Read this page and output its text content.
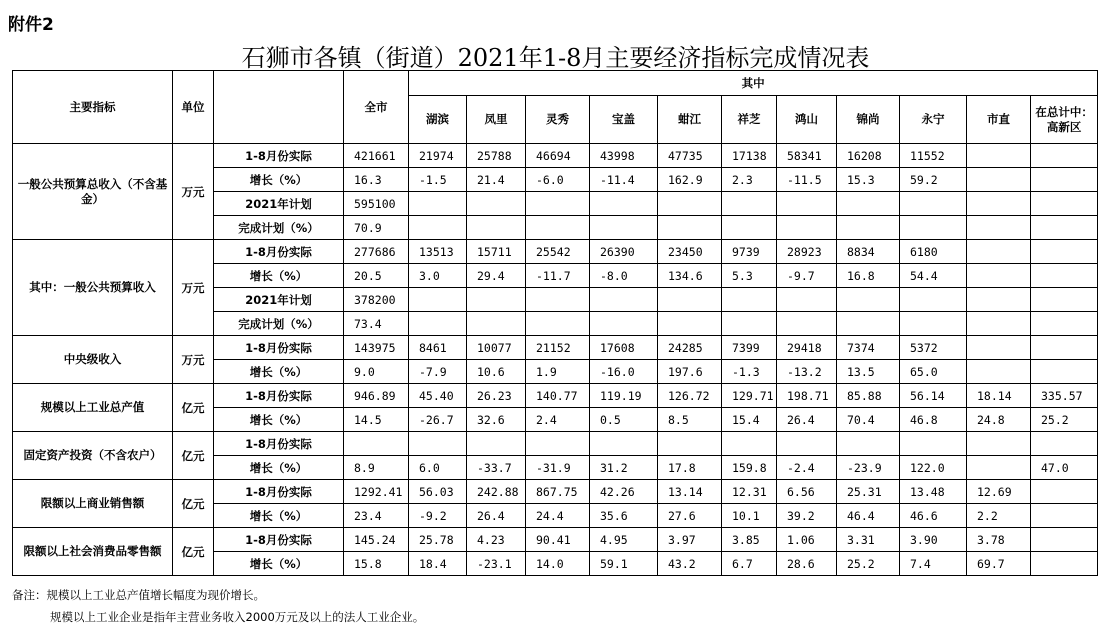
附件2
石狮市各镇（街道）2021年1-8月主要经济指标完成情况表
主要指标	单位		全市	其中										
				湖滨	凤里	灵秀	宝盖	蚶江	祥芝	鸿山	锦尚	永宁	市直	在总计中：高新区
一般公共预算总收入（不含基金）	万元	1-8月份实际	421661	21974	25788	46694	43998	47735	17138	58341	16208	11552		
		增长（%）	16.3	-1.5	21.4	-6.0	-11.4	162.9	2.3	-11.5	15.3	59.2		
		2021年计划	595100											
		完成计划（%）	70.9											
其中：一般公共预算收入	万元	1-8月份实际	277686	13513	15711	25542	26390	23450	9739	28923	8834	6180		
		增长（%）	20.5	3.0	29.4	-11.7	-8.0	134.6	5.3	-9.7	16.8	54.4		
		2021年计划	378200											
		完成计划（%）	73.4											
中央级收入	万元	1-8月份实际	143975	8461	10077	21152	17608	24285	7399	29418	7374	5372		
		增长（%）	9.0	-7.9	10.6	1.9	-16.0	197.6	-1.3	-13.2	13.5	65.0		
规模以上工业总产值	亿元	1-8月份实际	946.89	45.40	26.23	140.77	119.19	126.72	129.71	198.71	85.88	56.14	18.14	335.57
		增长（%）	14.5	-26.7	32.6	2.4	0.5	8.5	15.4	26.4	70.4	46.8	24.8	25.2
固定资产投资（不含农户）	亿元	1-8月份实际												
		增长（%）	8.9	6.0	-33.7	-31.9	31.2	17.8	159.8	-2.4	-23.9	122.0		47.0
限额以上商业销售额	亿元	1-8月份实际	1292.41	56.03	242.88	867.75	42.26	13.14	12.31	6.56	25.31	13.48	12.69	
		增长（%）	23.4	-9.2	26.4	24.4	35.6	27.6	10.1	39.2	46.4	46.6	2.2	
限额以上社会消费品零售额	亿元	1-8月份实际	145.24	25.78	4.23	90.41	4.95	3.97	3.85	1.06	3.31	3.90	3.78	
		增长（%）	15.8	18.4	-23.1	14.0	59.1	43.2	6.7	28.6	25.2	7.4	69.7	
备注：规模以上工业总产值增长幅度为现价增长。
规模以上工业企业是指年主营业务收入2000万元及以上的法人工业企业。
